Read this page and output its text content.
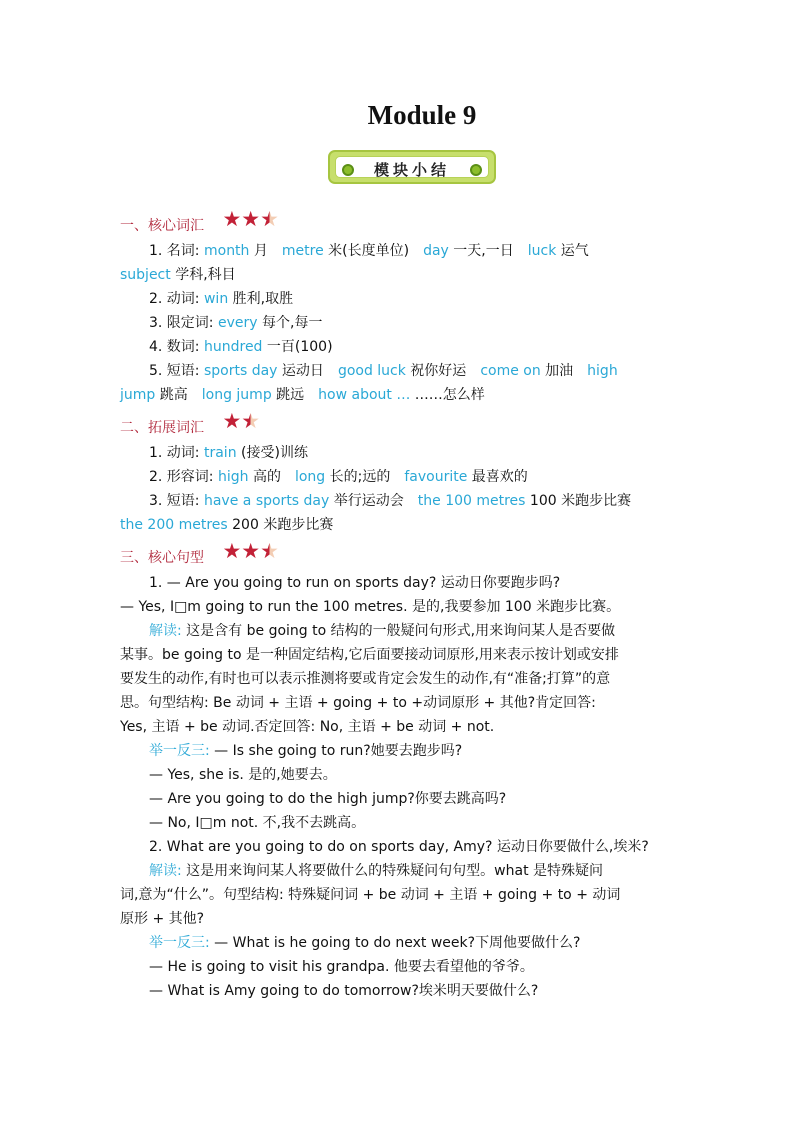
Module 9
模块小结
一、核心词汇 ★★★

1. 名词: month 月 metre 米(长度单位) day 一天,一日 luck 运气

subject 学科,科目

2. 动词: win 胜利,取胜

3. 限定词: every 每个,每一

4. 数词: hundred 一百(100)

5. 短语: sports day 运动日 good luck 祝你好运 come on 加油 high

jump 跳高 long jump 跳远 how about … ……怎么样

二、拓展词汇 ★★

1. 动词: train (接受)训练

2. 形容词: high 高的 long 长的;远的 favourite 最喜欢的

3. 短语: have a sports day 举行运动会 the 100 metres 100 米跑步比赛

the 200 metres 200 米跑步比赛

三、核心句型 ★★★

1. — Are you going to run on sports day? 运动日你要跑步吗?

— Yes, I□m going to run the 100 metres. 是的,我要参加 100 米跑步比赛。

解读: 这是含有 be going to 结构的一般疑问句形式,用来询问某人是否要做

某事。be going to 是一种固定结构,它后面要接动词原形,用来表示按计划或安排

要发生的动作,有时也可以表示推测将要或肯定会发生的动作,有“准备;打算”的意

思。句型结构: Be 动词 + 主语 + going + to +动词原形 + 其他?肯定回答:

Yes, 主语 + be 动词.否定回答: No, 主语 + be 动词 + not.

举一反三: — Is she going to run?她要去跑步吗?

— Yes, she is. 是的,她要去。

— Are you going to do the high jump?你要去跳高吗?

— No, I□m not. 不,我不去跳高。

2. What are you going to do on sports day, Amy? 运动日你要做什么,埃米?

解读: 这是用来询问某人将要做什么的特殊疑问句句型。what 是特殊疑问

词,意为“什么”。句型结构: 特殊疑问词 + be 动词 + 主语 + going + to + 动词

原形 + 其他?

举一反三: — What is he going to do next week?下周他要做什么?

— He is going to visit his grandpa. 他要去看望他的爷爷。

— What is Amy going to do tomorrow?埃米明天要做什么?
